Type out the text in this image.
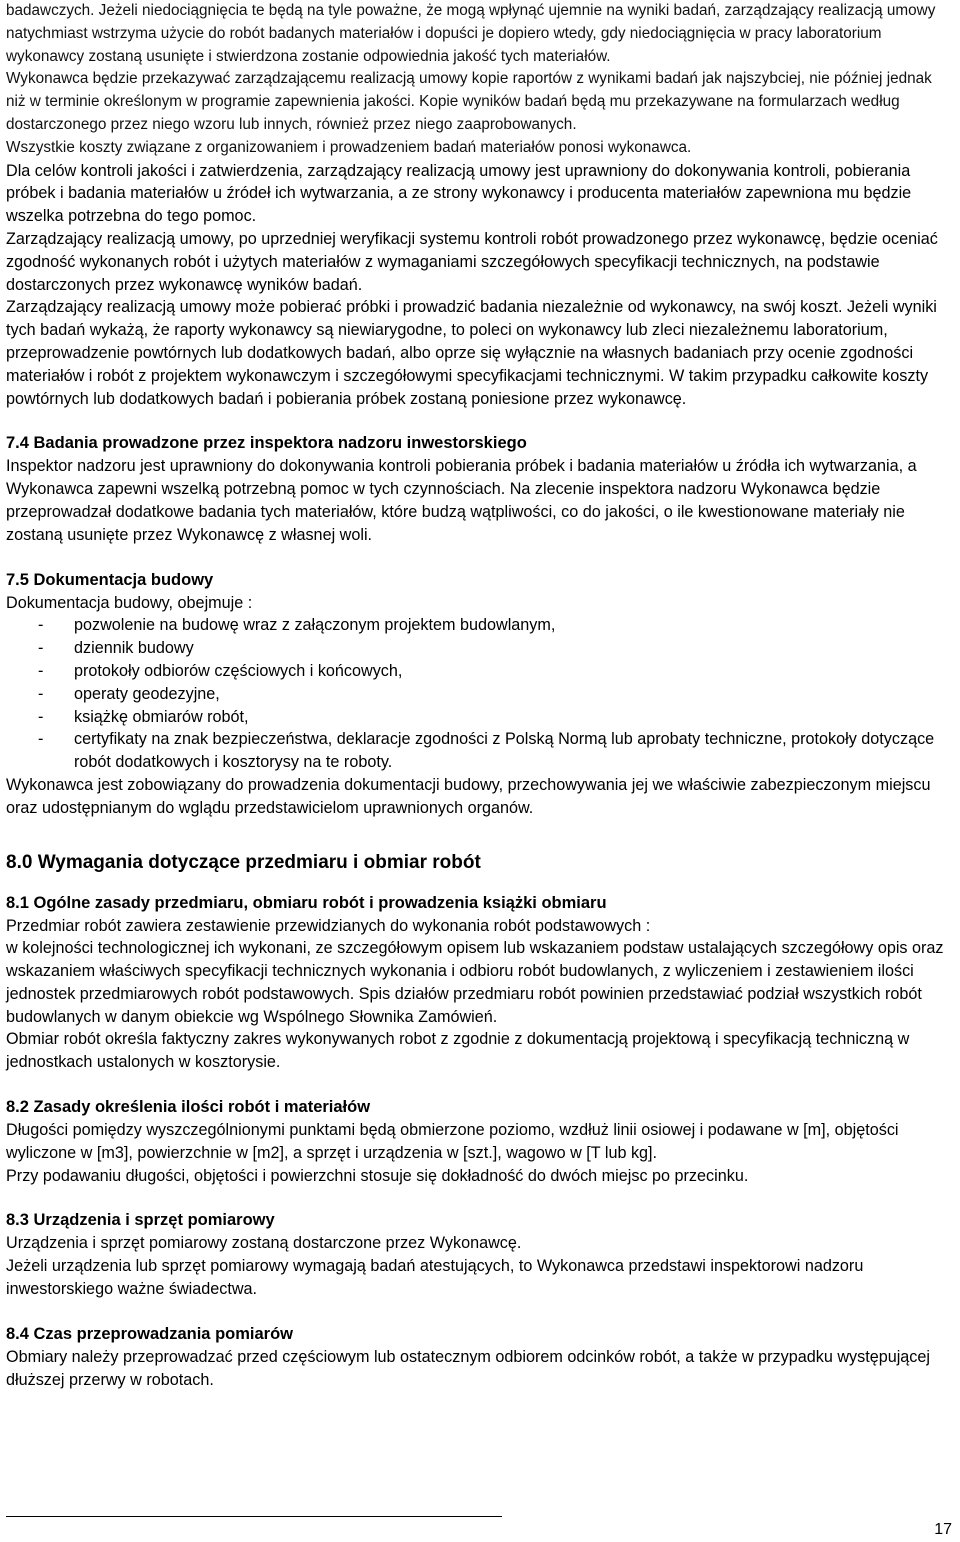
badawczych. Jeżeli niedociągnięcia te będą na tyle poważne, że mogą wpłynąć ujemnie na wyniki badań, zarządzający realizacją umowy natychmiast wstrzyma użycie do robót badanych materiałów i dopuści je dopiero wtedy, gdy niedociągnięcia w pracy laboratorium wykonawcy zostaną usunięte i stwierdzona zostanie odpowiednia jakość tych materiałów.

Wykonawca będzie przekazywać zarządzającemu realizacją umowy kopie raportów z wynikami badań jak najszybciej, nie później jednak niż w terminie określonym w programie zapewnienia jakości. Kopie wyników badań będą mu przekazywane na formularzach według dostarczonego przez niego wzoru lub innych, również przez niego zaaprobowanych.

Wszystkie koszty związane z organizowaniem i prowadzeniem badań materiałów ponosi wykonawca.

Dla celów kontroli jakości i zatwierdzenia, zarządzający realizacją umowy jest uprawniony do dokonywania kontroli, pobierania próbek i badania materiałów u źródeł ich wytwarzania, a ze strony wykonawcy i producenta materiałów zapewniona mu będzie wszelka potrzebna do tego pomoc.

Zarządzający realizacją umowy, po uprzedniej weryfikacji systemu kontroli robót prowadzonego przez wykonawcę, będzie oceniać zgodność wykonanych robót i użytych materiałów z wymaganiami szczegółowych specyfikacji technicznych, na podstawie dostarczonych przez wykonawcę wyników badań.

Zarządzający realizacją umowy może pobierać próbki i prowadzić badania niezależnie od wykonawcy, na swój koszt. Jeżeli wyniki tych badań wykażą, że raporty wykonawcy są niewiarygodne, to poleci on wykonawcy lub zleci niezależnemu laboratorium, przeprowadzenie powtórnych lub dodatkowych badań, albo oprze się wyłącznie na własnych badaniach przy ocenie zgodności materiałów i robót z projektem wykonawczym i szczegółowymi specyfikacjami technicznymi. W takim przypadku całkowite koszty powtórnych lub dodatkowych badań i pobierania próbek zostaną poniesione przez wykonawcę.

7.4 Badania prowadzone przez inspektora nadzoru inwestorskiego

Inspektor nadzoru jest uprawniony do dokonywania kontroli pobierania próbek i badania materiałów u źródła ich wytwarzania, a Wykonawca zapewni wszelką potrzebną pomoc w tych czynnościach. Na zlecenie inspektora nadzoru Wykonawca będzie przeprowadzał dodatkowe badania tych materiałów, które budzą wątpliwości, co do jakości, o ile kwestionowane materiały nie zostaną usunięte przez Wykonawcę z własnej woli.

7.5 Dokumentacja budowy

Dokumentacja budowy, obejmuje :

- pozwolenie na budowę wraz z załączonym projektem budowlanym,
- dziennik budowy
- protokoły odbiorów częściowych i końcowych,
- operaty geodezyjne,
- książkę obmiarów robót,
- certyfikaty na znak bezpieczeństwa, deklaracje zgodności z Polską Normą lub aprobaty techniczne, protokoły dotyczące robót dodatkowych i kosztorysy na te roboty.

Wykonawca jest zobowiązany do prowadzenia dokumentacji budowy, przechowywania jej we właściwie zabezpieczonym miejscu oraz udostępnianym do wglądu przedstawicielom uprawnionych organów.

8.0 Wymagania dotyczące przedmiaru i obmiar robót

8.1 Ogólne zasady przedmiaru, obmiaru robót i prowadzenia książki obmiaru

Przedmiar robót zawiera zestawienie przewidzianych do wykonania robót podstawowych :

w kolejności technologicznej ich wykonani, ze szczegółowym opisem lub wskazaniem podstaw ustalających szczegółowy opis oraz wskazaniem właściwych specyfikacji technicznych wykonania i odbioru robót budowlanych, z wyliczeniem i zestawieniem ilości jednostek przedmiarowych robót podstawowych. Spis działów przedmiaru robót powinien przedstawiać podział wszystkich robót budowlanych w danym obiekcie wg Wspólnego Słownika Zamówień.

Obmiar robót określa faktyczny zakres wykonywanych robot z zgodnie z dokumentacją projektową i specyfikacją techniczną w jednostkach ustalonych w kosztorysie.

8.2 Zasady określenia ilości robót i materiałów

Długości pomiędzy wyszczególnionymi punktami będą obmierzone poziomo, wzdłuż linii osiowej i podawane w [m], objętości wyliczone w [m3], powierzchnie w [m2], a sprzęt i urządzenia w [szt.], wagowo w [T lub kg].

Przy podawaniu długości, objętości i powierzchni stosuje się dokładność do dwóch miejsc po przecinku.

8.3 Urządzenia i sprzęt pomiarowy

Urządzenia i sprzęt pomiarowy zostaną dostarczone przez Wykonawcę.

Jeżeli urządzenia lub sprzęt pomiarowy wymagają badań atestujących, to Wykonawca przedstawi inspektorowi nadzoru inwestorskiego ważne świadectwa.

8.4 Czas przeprowadzania pomiarów

Obmiary należy przeprowadzać przed częściowym lub ostatecznym odbiorem odcinków robót, a także w przypadku występującej dłuższej przerwy w robotach.

17
